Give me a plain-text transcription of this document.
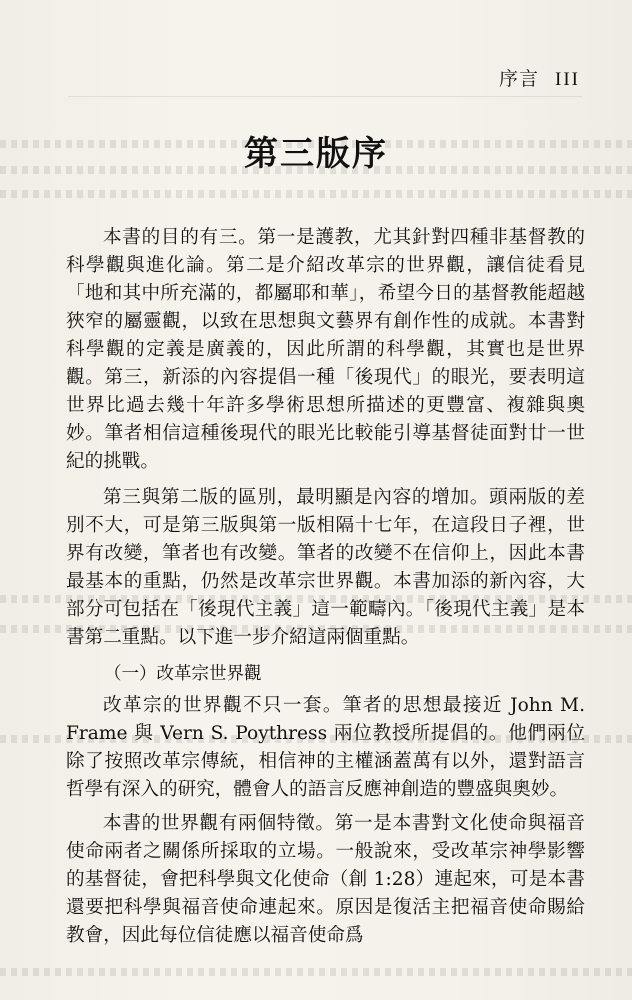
序言 III
第三版序

本書的目的有三。第一是護教，尤其針對四種非基督教的科學觀與進化論。第二是介紹改革宗的世界觀，讓信徒看見「地和其中所充滿的，都屬耶和華」，希望今日的基督教能超越狹窄的屬靈觀，以致在思想與文藝界有創作性的成就。本書對科學觀的定義是廣義的，因此所謂的科學觀，其實也是世界觀。第三，新添的內容提倡一種「後現代」的眼光，要表明這世界比過去幾十年許多學術思想所描述的更豐富、複雜與奧妙。筆者相信這種後現代的眼光比較能引導基督徒面對廿一世紀的挑戰。

第三與第二版的區別，最明顯是內容的增加。頭兩版的差別不大，可是第三版與第一版相隔十七年，在這段日子裡，世界有改變，筆者也有改變。筆者的改變不在信仰上，因此本書最基本的重點，仍然是改革宗世界觀。本書加添的新內容，大部分可包括在「後現代主義」這一範疇內。「後現代主義」是本書第二重點。以下進一步介紹這兩個重點。

（一）改革宗世界觀

改革宗的世界觀不只一套。筆者的思想最接近 John M. Frame 與 Vern S. Poythress 兩位教授所提倡的。他們兩位除了按照改革宗傳統，相信神的主權涵蓋萬有以外，還對語言哲學有深入的研究，體會人的語言反應神創造的豐盛與奧妙。

本書的世界觀有兩個特徵。第一是本書對文化使命與福音使命兩者之關係所採取的立場。一般說來，受改革宗神學影響的基督徒，會把科學與文化使命（創 1:28）連起來，可是本書還要把科學與福音使命連起來。原因是復活主把福音使命賜給教會，因此每位信徒應以福音使命爲
